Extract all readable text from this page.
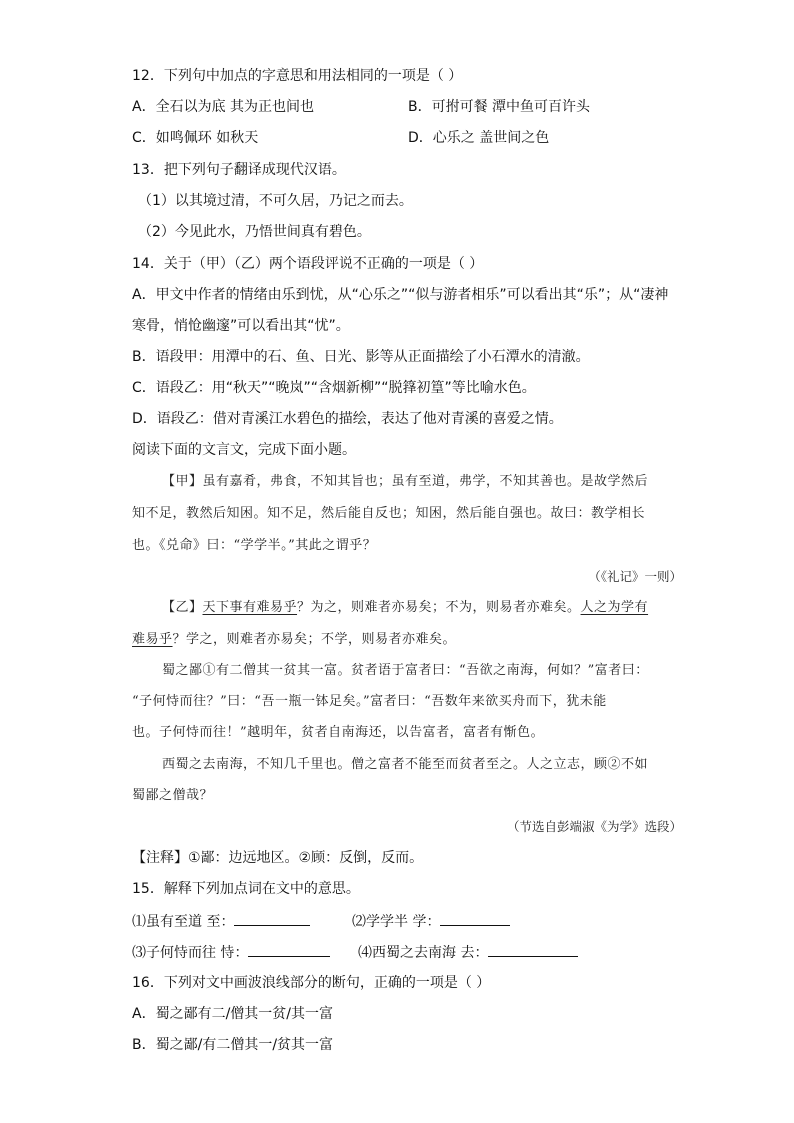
12．下列句中加点的字意思和用法相同的一项是（ ）
A．全石以为底 其为正也间也	B．可拊可餐 潭中鱼可百许头
C．如鸣佩环 如秋天	D．心乐之 盖世间之色
13．把下列句子翻译成现代汉语。
（1）以其境过清，不可久居，乃记之而去。
（2）今见此水，乃悟世间真有碧色。
14．关于（甲）（乙）两个语段评说不正确的一项是（ ）
A．甲文中作者的情绪由乐到忧，从“心乐之”“似与游者相乐”可以看出其“乐”；从“凄神
寒骨，悄怆幽邃”可以看出其“忧”。
B．语段甲：用潭中的石、鱼、日光、影等从正面描绘了小石潭水的清澈。
C．语段乙：用“秋天”“晚岚”“含烟新柳”“脱箨初篁”等比喻水色。
D．语段乙：借对青溪江水碧色的描绘，表达了他对青溪的喜爱之情。
阅读下面的文言文，完成下面小题。
【甲】虽有嘉肴，弗食，不知其旨也；虽有至道，弗学，不知其善也。是故学然后
知不足，教然后知困。知不足，然后能自反也；知困，然后能自强也。故曰：教学相长
也。《兑命》曰：“学学半。”其此之谓乎？
（《礼记》一则）
【乙】天下事有难易乎？为之，则难者亦易矣；不为，则易者亦难矣。人之为学有
难易乎？学之，则难者亦易矣；不学，则易者亦难矣。
蜀之鄙①有二僧其一贫其一富。贫者语于富者曰：“吾欲之南海，何如？”富者曰：
“子何恃而往？”曰：“吾一瓶一钵足矣。”富者曰：“吾数年来欲买舟而下，犹未能
也。子何恃而往！”越明年，贫者自南海还，以告富者，富者有惭色。
西蜀之去南海，不知几千里也。僧之富者不能至而贫者至之。人之立志，顾②不如
蜀鄙之僧哉？
（节选自彭端淑《为学》选段）
【注释】①鄙：边远地区。②顾：反倒，反而。
15．解释下列加点词在文中的意思。
⑴虽有至道 至：	⑵学学半 学：
⑶子何恃而往 恃：	⑷西蜀之去南海 去：
16．下列对文中画波浪线部分的断句，正确的一项是（ ）
A．蜀之鄙有二/僧其一贫/其一富
B．蜀之鄙/有二僧其一/贫其一富
